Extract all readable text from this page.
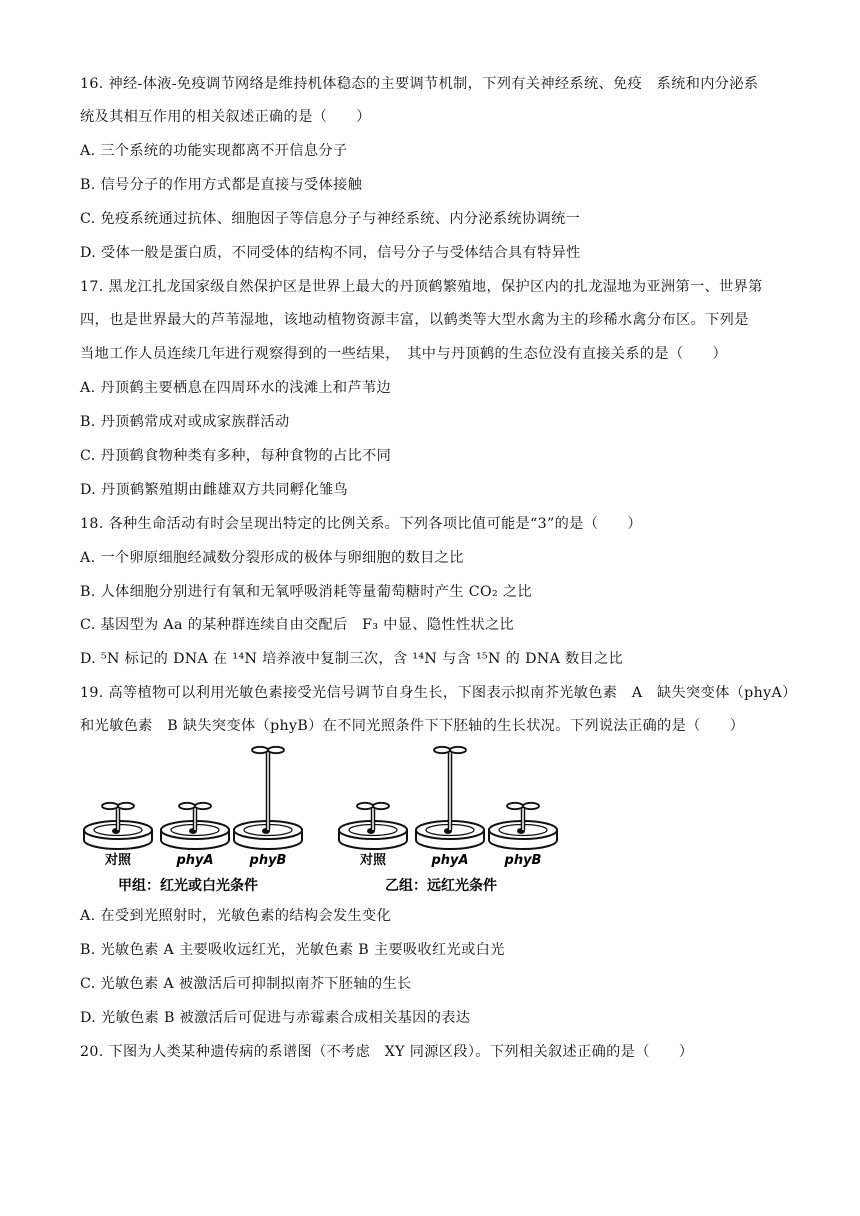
16. 神经-体液-免疫调节网络是维持机体稳态的主要调节机制，下列有关神经系统、免疫　系统和内分泌系
统及其相互作用的相关叙述正确的是（　　）
A. 三个系统的功能实现都离不开信息分子
B. 信号分子的作用方式都是直接与受体接触
C. 免疫系统通过抗体、细胞因子等信息分子与神经系统、内分泌系统协调统一
D. 受体一般是蛋白质，不同受体的结构不同，信号分子与受体结合具有特异性
17. 黑龙江扎龙国家级自然保护区是世界上最大的丹顶鹤繁殖地，保护区内的扎龙湿地为亚洲第一、世界第
四，也是世界最大的芦苇湿地，该地动植物资源丰富，以鹤类等大型水禽为主的珍稀水禽分布区。下列是
当地工作人员连续几年进行观察得到的一些结果，　其中与丹顶鹤的生态位没有直接关系的是（　　）
A. 丹顶鹤主要栖息在四周环水的浅滩上和芦苇边
B. 丹顶鹤常成对或成家族群活动
C. 丹顶鹤食物种类有多种，每种食物的占比不同
D. 丹顶鹤繁殖期由雌雄双方共同孵化雏鸟
18. 各种生命活动有时会呈现出特定的比例关系。下列各项比值可能是“3”的是（　　）
A. 一个卵原细胞经减数分裂形成的极体与卵细胞的数目之比
B. 人体细胞分别进行有氧和无氧呼吸消耗等量葡萄糖时产生 CO₂ 之比
C. 基因型为 Aa 的某种群连续自由交配后　F₃ 中显、隐性性状之比
D. ⁵N 标记的 DNA 在 ¹⁴N 培养液中复制三次，含 ¹⁴N 与含 ¹⁵N 的 DNA 数目之比
19. 高等植物可以利用光敏色素接受光信号调节自身生长，下图表示拟南芥光敏色素　A　缺失突变体（phyA）
和光敏色素　B 缺失突变体（phyB）在不同光照条件下下胚轴的生长状况。下列说法正确的是（　　）
对照	phyA	phyB	对照	phyA	phyB
甲组：红光或白光条件	乙组：远红光条件
A. 在受到光照射时，光敏色素的结构会发生变化
B. 光敏色素 A 主要吸收远红光，光敏色素 B 主要吸收红光或白光
C. 光敏色素 A 被激活后可抑制拟南芥下胚轴的生长
D. 光敏色素 B 被激活后可促进与赤霉素合成相关基因的表达
20. 下图为人类某种遗传病的系谱图（不考虑　XY 同源区段）。下列相关叙述正确的是（　　）
